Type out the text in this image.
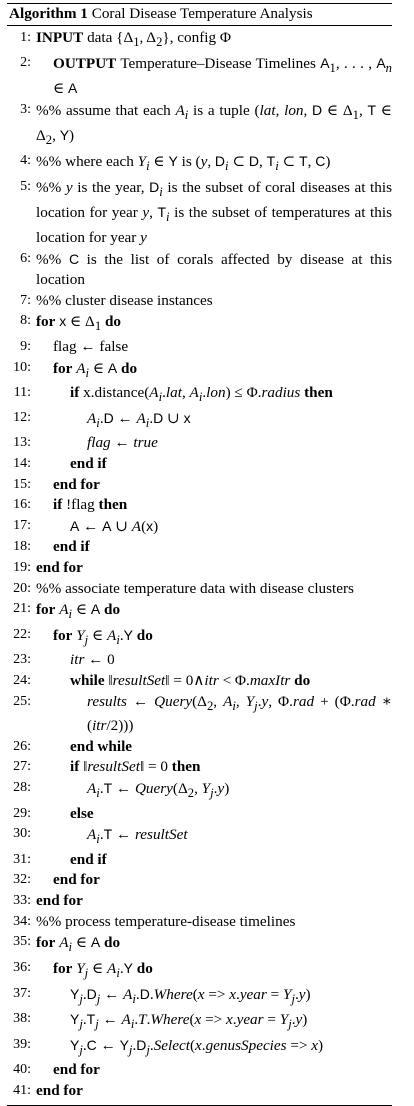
Algorithm 1 Coral Disease Temperature Analysis
1: INPUT data {$\Delta_1$, $\Delta_2$}, config Φ
2:	OUTPUT Temperature–Disease Timelines $A_1$, . . . , $A_n$ ∈ A
3: %% assume that each $A_i$ is a tuple (lat, lon, D ∈ $\Delta_1$, T ∈ $\Delta_2$, Y)
4: %% where each $Y_i$ ∈ Y is (y, $D_i$ ⊂ D, $T_i$ ⊂ T, C)
5: %% y is the year, $D_i$ is the subset of coral diseases at this location for year y, $T_i$ is the subset of temperatures at this location for year y
6: %% C is the list of corals affected by disease at this location
7: %% cluster disease instances
8: for x ∈ $\Delta_1$ do
9:	flag ← false
10:	for $A_i$ ∈ A do
11:	if $x.distance(A_i.lat$, $A_i.lon$) ≤ Φ.radius then
12:	$A_i.D$ ← $A_i.D$ ∪ x
13:	flag ← true
14:	end if
15:	end for
16:	if !flag then
17:	A ← A ∪ A(x)
18:	end if
19: end for
20: %% associate temperature data with disease clusters
21: for $A_i$ ∈ A do
22:	for $Y_j$ ∈ $A_i.Y$ do
23:	itr ← 0
24:	while ‖resultSet‖ = 0∧itr < Φ.maxItr do
25:	results ← $Query(\Delta_2$, $A_i$, $Y_j.y$, Φ.rad + (Φ.rad ∗ (itr/2)))
26:	end while
27:	if ‖resultSet‖ = 0 then
28:	$A_i.T$ ← $Query(\Delta_2$, $Y_j.y$)
29:	else
30:	$A_i.T$ ← resultSet
31:	end if
32:	end for
33: end for
34: %% process temperature-disease timelines
35: for $A_i$ ∈ A do
36:	for $Y_j$ ∈ $A_i.Y$ do
37:	$Y_j.D_j$ ← $A_i.D.Where(x$ => x.year = $Y_j.y$)
38:	$Y_j.T_j$ ← $A_i.T.Where(x$ => x.year = $Y_j.y$)
39:	$Y_j.C$ ← $Y_j.D_j.Select(x.genusSpecies => x)$
40:	end for
41: end for
